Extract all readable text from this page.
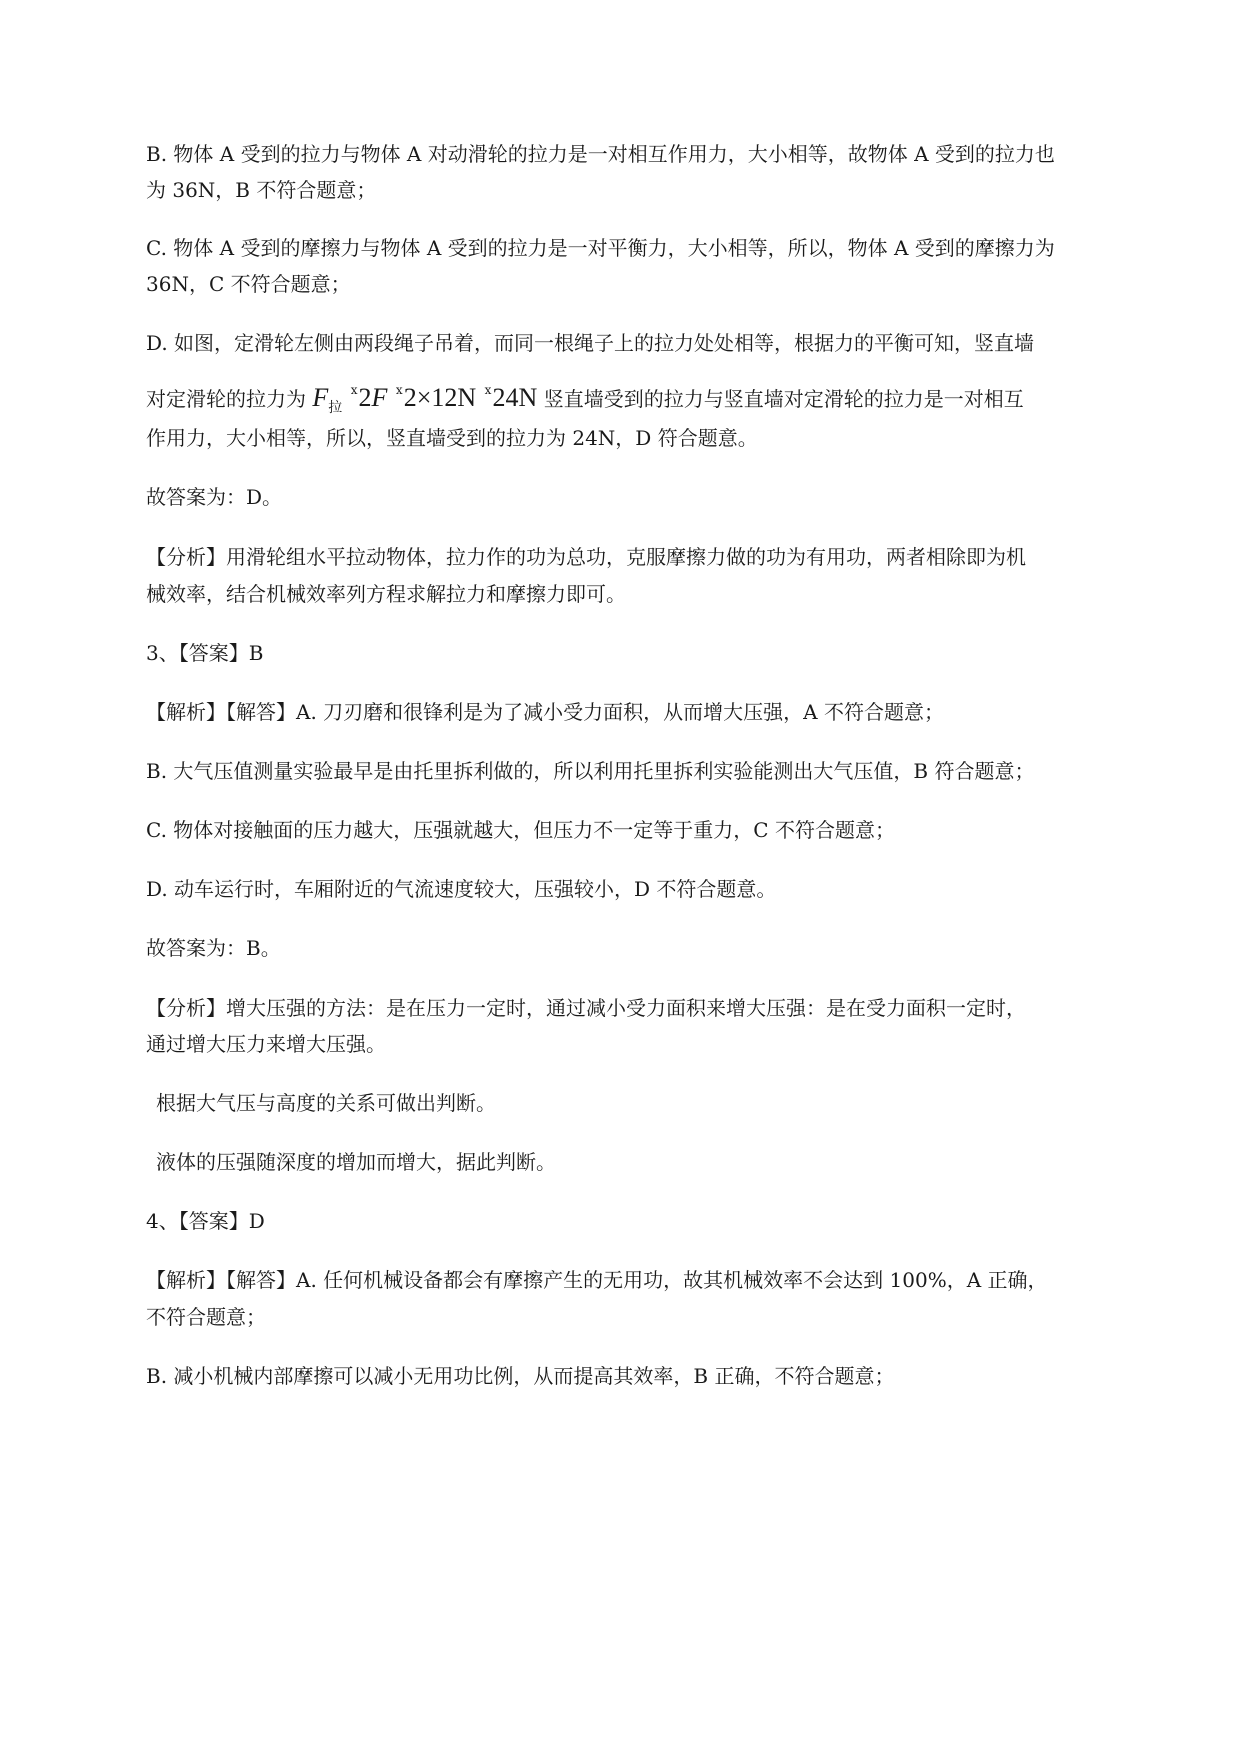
B. 物体 A 受到的拉力与物体 A 对动滑轮的拉力是一对相互作用力，大小相等，故物体 A 受到的拉力也
为 36N，B 不符合题意；
C. 物体 A 受到的摩擦力与物体 A 受到的拉力是一对平衡力，大小相等，所以，物体 A 受到的摩擦力为
36N，C 不符合题意；
D. 如图，定滑轮左侧由两段绳子吊着，而同一根绳子上的拉力处处相等，根据力的平衡可知，竖直墙
对定滑轮的拉力为 $F_拉$ $^ⅹ$2F $^ⅹ$2×12N $^ⅹ$24N 竖直墙受到的拉力与竖直墙对定滑轮的拉力是一对相互
作用力，大小相等，所以，竖直墙受到的拉力为 24N，D 符合题意。
故答案为：D。
【分析】用滑轮组水平拉动物体，拉力作的功为总功，克服摩擦力做的功为有用功，两者相除即为机
械效率，结合机械效率列方程求解拉力和摩擦力即可。
3、【答案】B
【解析】【解答】A. 刀刃磨和很锋利是为了减小受力面积，从而增大压强，A 不符合题意；
B. 大气压值测量实验最早是由托里拆利做的，所以利用托里拆利实验能测出大气压值，B 符合题意；
C. 物体对接触面的压力越大，压强就越大，但压力不一定等于重力，C 不符合题意；
D. 动车运行时，车厢附近的气流速度较大，压强较小，D 不符合题意。
故答案为：B。
【分析】增大压强的方法：是在压力一定时，通过减小受力面积来增大压强：是在受力面积一定时，
通过增大压力来增大压强。
根据大气压与高度的关系可做出判断。
液体的压强随深度的增加而增大，据此判断。
4、【答案】D
【解析】【解答】A. 任何机械设备都会有摩擦产生的无用功，故其机械效率不会达到 100%，A 正确，
不符合题意；
B. 减小机械内部摩擦可以减小无用功比例，从而提高其效率，B 正确，不符合题意；
